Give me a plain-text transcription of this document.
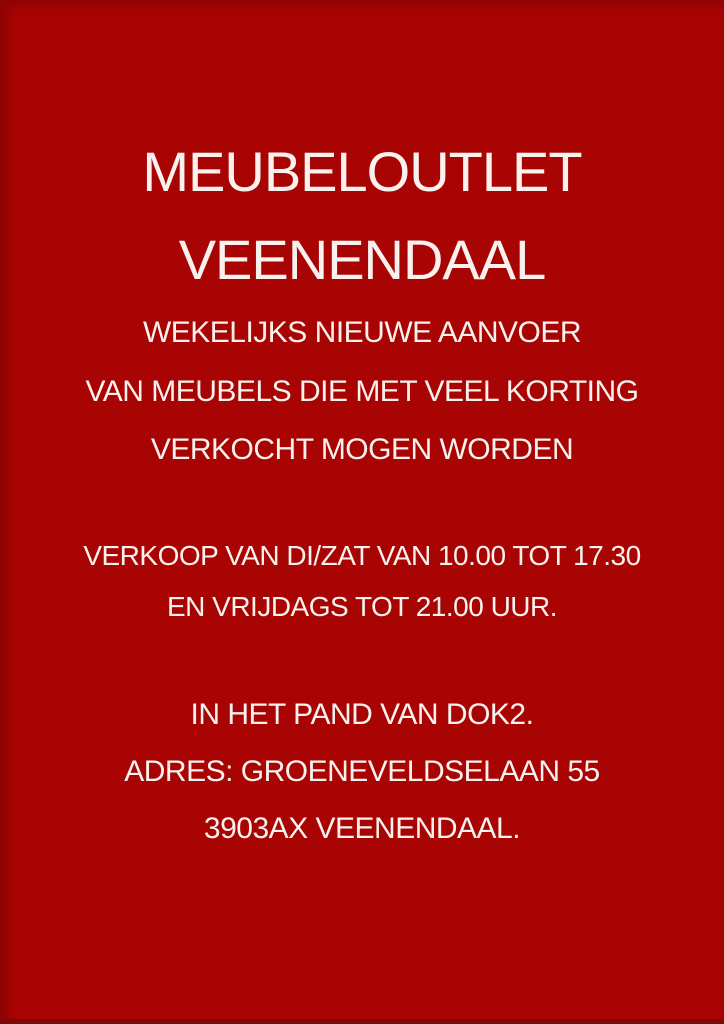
MEUBELOUTLET
VEENENDAAL
WEKELIJKS NIEUWE AANVOER
VAN MEUBELS DIE MET VEEL KORTING
VERKOCHT MOGEN WORDEN
VERKOOP VAN DI/ZAT VAN 10.00 TOT 17.30
EN VRIJDAGS TOT 21.00 UUR.
IN HET PAND VAN DOK2.
ADRES: GROENEVELDSELAAN 55
3903AX VEENENDAAL.
